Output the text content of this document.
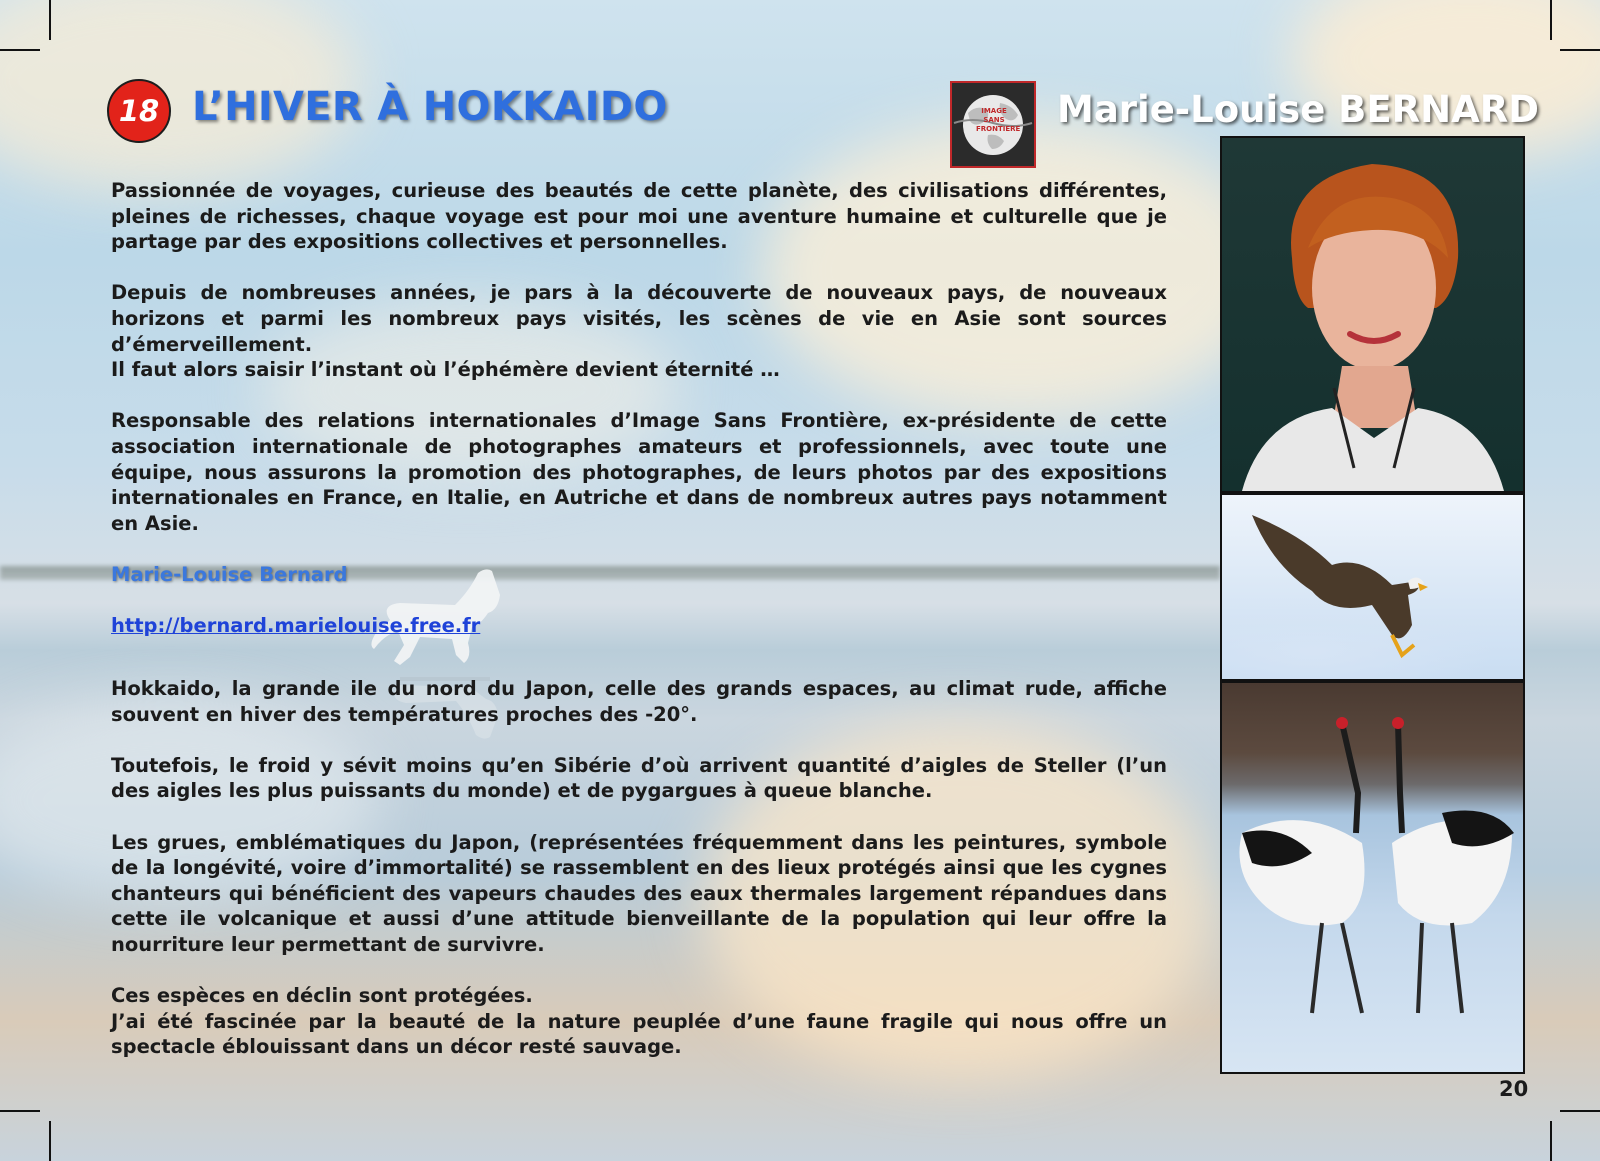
18 L’HIVER À HOKKAIDO	IMAGE
SANS
FRONTIERE Marie-Louise BERNARD

Passionnée de voyages, curieuse des beautés de cette planète, des civilisations différentes, pleines de richesses, chaque voyage est pour moi une aventure humaine et culturelle que je partage par des expositions collectives et personnelles.

Depuis de nombreuses années, je pars à la découverte de nouveaux pays, de nouveaux horizons et parmi les nombreux pays visités, les scènes de vie en Asie sont sources d’émerveillement.

Il faut alors saisir l’instant où l’éphémère devient éternité …

Responsable des relations internationales d’Image Sans Frontière, ex-présidente de cette association internationale de photographes amateurs et professionnels, avec toute une équipe, nous assurons la promotion des photographes, de leurs photos par des expositions internationales en France, en Italie, en Autriche et dans de nombreux autres pays notamment en Asie.

Marie-Louise Bernard

http://bernard.marielouise.free.fr

Hokkaido, la grande ile du nord du Japon, celle des grands espaces, au climat rude, affiche souvent en hiver des températures proches des -20°.

Toutefois, le froid y sévit moins qu’en Sibérie d’où arrivent quantité d’aigles de Steller (l’un des aigles les plus puissants du monde) et de pygargues à queue blanche.

Les grues, emblématiques du Japon, (représentées fréquemment dans les peintures, symbole de la longévité, voire d’immortalité) se rassemblent en des lieux protégés ainsi que les cygnes chanteurs qui bénéficient des vapeurs chaudes des eaux thermales largement répandues dans cette ile volcanique et aussi d’une attitude bienveillante de la population qui leur offre la nourriture leur permettant de survivre.

Ces espèces en déclin sont protégées.

J’ai été fascinée par la beauté de la nature peuplée d’une faune fragile qui nous offre un spectacle éblouissant dans un décor resté sauvage.

20
